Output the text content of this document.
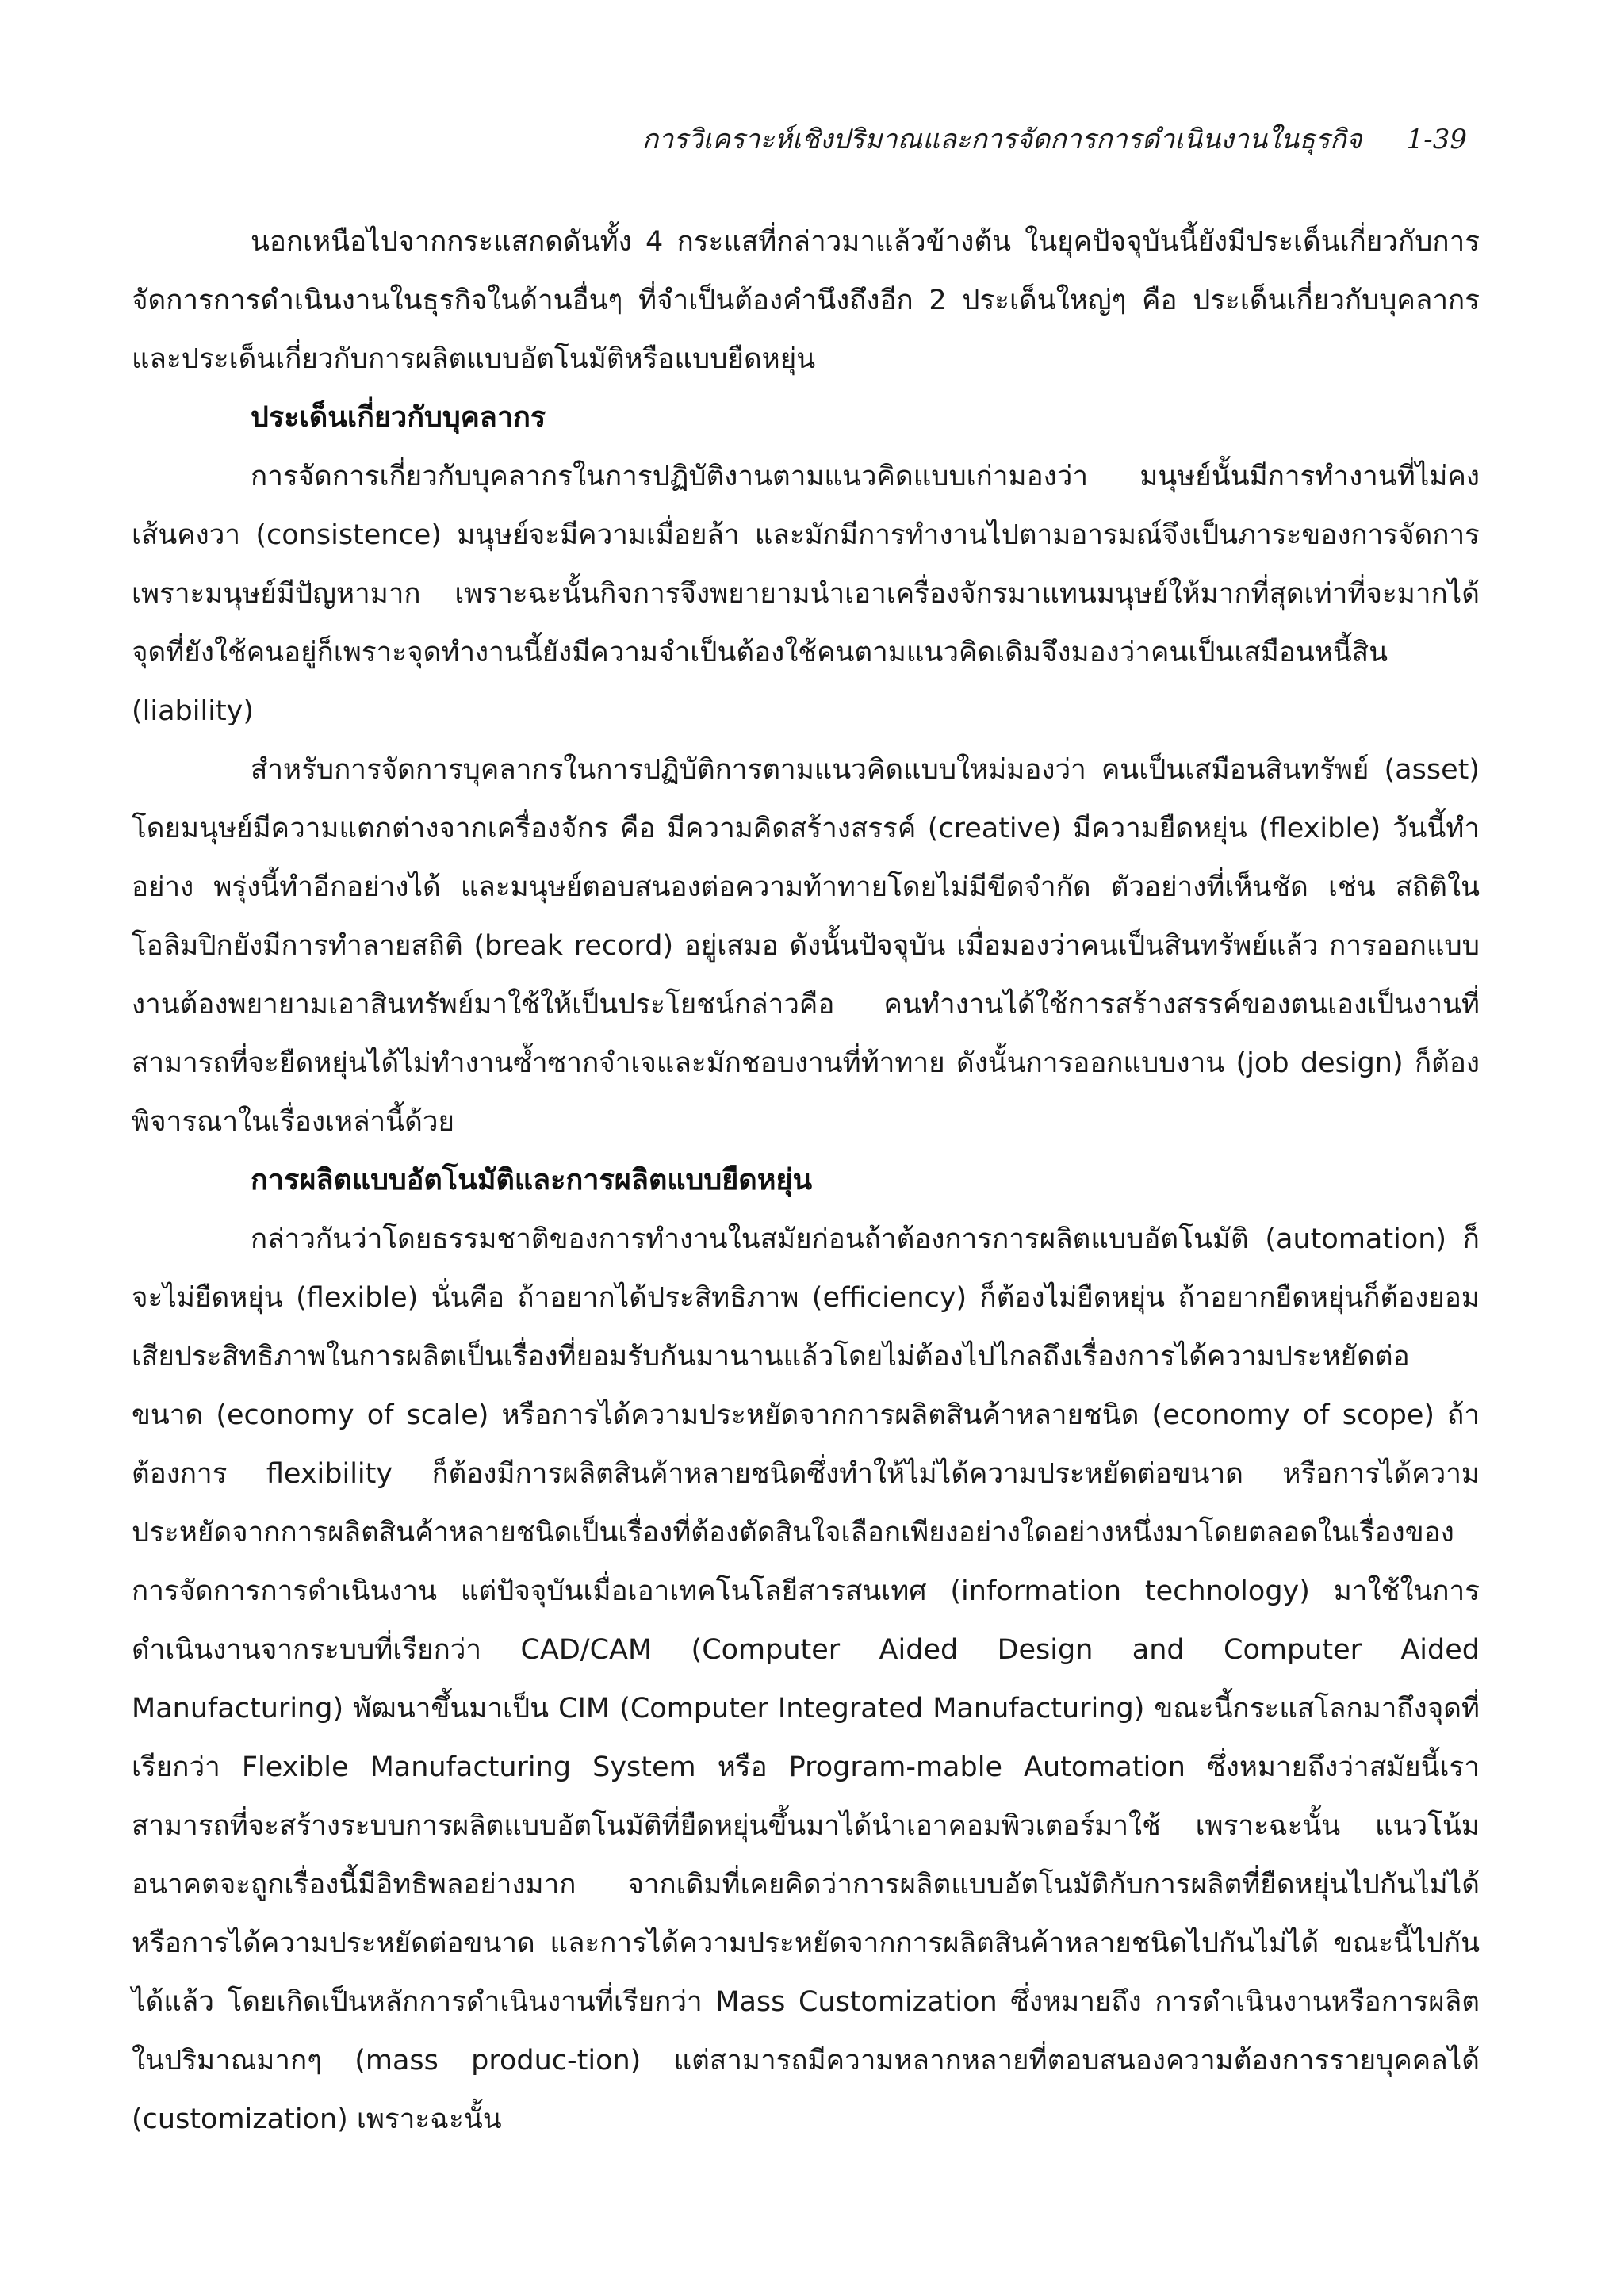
การวิเคราะห์เชิงปริมาณและการจัดการการดำเนินงานในธุรกิจ 1-39

นอกเหนือไปจากกระแสกดดันทั้ง 4 กระแสที่กล่าวมาแล้วข้างต้น ในยุคปัจจุบันนี้ยังมีประเด็นเกี่ยวกับการจัดการการดำเนินงานในธุรกิจในด้านอื่นๆ ที่จำเป็นต้องคำนึงถึงอีก 2 ประเด็นใหญ่ๆ คือ ประเด็นเกี่ยวกับบุคลากรและประเด็นเกี่ยวกับการผลิตแบบอัตโนมัติหรือแบบยืดหยุ่น

ประเด็นเกี่ยวกับบุคลากร

การจัดการเกี่ยวกับบุคลากรในการปฏิบัติงานตามแนวคิดแบบเก่ามองว่า มนุษย์นั้นมีการทำงานที่ไม่คงเส้นคงวา (consistence) มนุษย์จะมีความเมื่อยล้า และมักมีการทำงานไปตามอารมณ์จึงเป็นภาระของการจัดการเพราะมนุษย์มีปัญหามาก เพราะฉะนั้นกิจการจึงพยายามนำเอาเครื่องจักรมาแทนมนุษย์ให้มากที่สุดเท่าที่จะมากได้ จุดที่ยังใช้คนอยู่ก็เพราะจุดทำงานนี้ยังมีความจำเป็นต้องใช้คนตามแนวคิดเดิมจึงมองว่าคนเป็นเสมือนหนี้สิน (liability)

สำหรับการจัดการบุคลากรในการปฏิบัติการตามแนวคิดแบบใหม่มองว่า คนเป็นเสมือนสินทรัพย์ (asset) โดยมนุษย์มีความแตกต่างจากเครื่องจักร คือ มีความคิดสร้างสรรค์ (creative) มีความยืดหยุ่น (flexible) วันนี้ทำอย่าง พรุ่งนี้ทำอีกอย่างได้ และมนุษย์ตอบสนองต่อความท้าทายโดยไม่มีขีดจำกัด ตัวอย่างที่เห็นชัด เช่น สถิติในโอลิมปิกยังมีการทำลายสถิติ (break record) อยู่เสมอ ดังนั้นปัจจุบัน เมื่อมองว่าคนเป็นสินทรัพย์แล้ว การออกแบบงานต้องพยายามเอาสินทรัพย์มาใช้ให้เป็นประโยชน์กล่าวคือ คนทำงานได้ใช้การสร้างสรรค์ของตนเองเป็นงานที่สามารถที่จะยืดหยุ่นได้ไม่ทำงานซ้ำซากจำเจและมักชอบงานที่ท้าทาย ดังนั้นการออกแบบงาน (job design) ก็ต้องพิจารณาในเรื่องเหล่านี้ด้วย

การผลิตแบบอัตโนมัติและการผลิตแบบยืดหยุ่น

กล่าวกันว่าโดยธรรมชาติของการทำงานในสมัยก่อนถ้าต้องการการผลิตแบบอัตโนมัติ (automation) ก็จะไม่ยืดหยุ่น (flexible) นั่นคือ ถ้าอยากได้ประสิทธิภาพ (efficiency) ก็ต้องไม่ยืดหยุ่น ถ้าอยากยืดหยุ่นก็ต้องยอมเสียประสิทธิภาพในการผลิตเป็นเรื่องที่ยอมรับกันมานานแล้วโดยไม่ต้องไปไกลถึงเรื่องการได้ความประหยัดต่อขนาด (economy of scale) หรือการได้ความประหยัดจากการผลิตสินค้าหลายชนิด (economy of scope) ถ้าต้องการ flexibility ก็ต้องมีการผลิตสินค้าหลายชนิดซึ่งทำให้ไม่ได้ความประหยัดต่อขนาด หรือการได้ความประหยัดจากการผลิตสินค้าหลายชนิดเป็นเรื่องที่ต้องตัดสินใจเลือกเพียงอย่างใดอย่างหนึ่งมาโดยตลอดในเรื่องของการจัดการการดำเนินงาน แต่ปัจจุบันเมื่อเอาเทคโนโลยีสารสนเทศ (information technology) มาใช้ในการดำเนินงานจากระบบที่เรียกว่า CAD/CAM (Computer Aided Design and Computer Aided Manufacturing) พัฒนาขึ้นมาเป็น CIM (Computer Integrated Manufacturing) ขณะนี้กระแสโลกมาถึงจุดที่เรียกว่า Flexible Manufacturing System หรือ Program-mable Automation ซึ่งหมายถึงว่าสมัยนี้เราสามารถที่จะสร้างระบบการผลิตแบบอัตโนมัติที่ยืดหยุ่นขึ้นมาได้นำเอาคอมพิวเตอร์มาใช้ เพราะฉะนั้น แนวโน้มอนาคตจะถูกเรื่องนี้มีอิทธิพลอย่างมาก จากเดิมที่เคยคิดว่าการผลิตแบบอัตโนมัติกับการผลิตที่ยืดหยุ่นไปกันไม่ได้ หรือการได้ความประหยัดต่อขนาด และการได้ความประหยัดจากการผลิตสินค้าหลายชนิดไปกันไม่ได้ ขณะนี้ไปกันได้แล้ว โดยเกิดเป็นหลักการดำเนินงานที่เรียกว่า Mass Customization ซึ่งหมายถึง การดำเนินงานหรือการผลิตในปริมาณมากๆ (mass produc-tion) แต่สามารถมีความหลากหลายที่ตอบสนองความต้องการรายบุคคลได้ (customization) เพราะฉะนั้น
